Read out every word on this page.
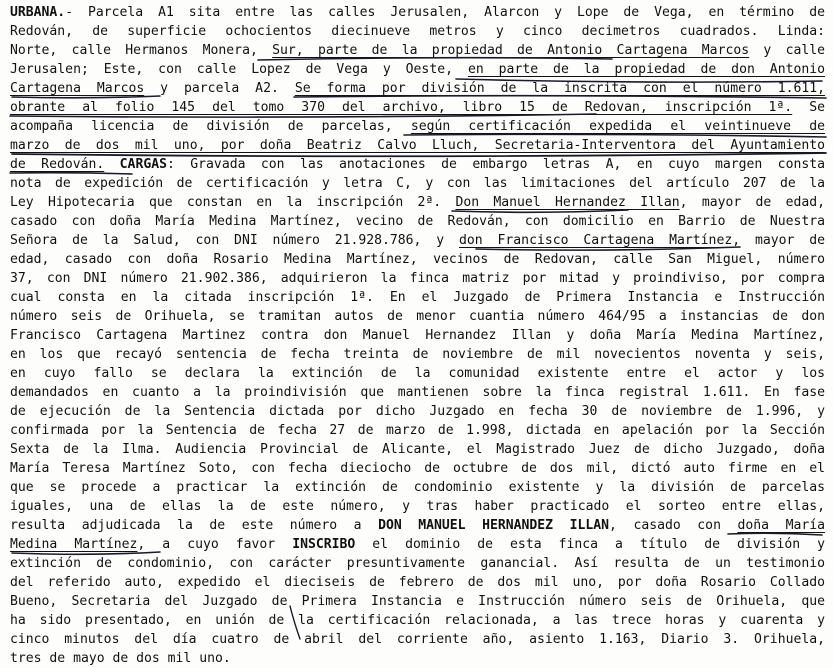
URBANA.- Parcela A1 sita entre las calles Jerusalen, Alarcon y Lope de Vega, en término de
Redován, de superficie ochocientos diecinueve metros y cinco decimetros cuadrados. Linda:
Norte, calle Hermanos Monera, Sur, parte de la propiedad de Antonio Cartagena Marcos y calle
Jerusalen; Este, con calle Lopez de Vega y Oeste, en parte de la propiedad de don Antonio
Cartagena Marcos y parcela A2. Se forma por división de la inscrita con el número 1.611,
obrante al folio 145 del tomo 370 del archivo, libro 15 de Redovan, inscripción 1ª. Se
acompaña licencia de división de parcelas, según certificación expedida el veintinueve de
marzo de dos mil uno, por doña Beatriz Calvo Lluch, Secretaria-Interventora del Ayuntamiento
de Redován. CARGAS: Gravada con las anotaciones de embargo letras A, en cuyo margen consta
nota de expedición de certificación y letra C, y con las limitaciones del artículo 207 de la
Ley Hipotecaria que constan en la inscripción 2ª. Don Manuel Hernandez Illan, mayor de edad,
casado con doña María Medina Martínez, vecino de Redován, con domicilio en Barrio de Nuestra
Señora de la Salud, con DNI número 21.928.786, y don Francisco Cartagena Martínez, mayor de
edad, casado con doña Rosario Medina Martínez, vecinos de Redovan, calle San Miguel, número
37, con DNI número 21.902.386, adquirieron la finca matriz por mitad y proindiviso, por compra
cual consta en la citada inscripción 1ª. En el Juzgado de Primera Instancia e Instrucción
número seis de Orihuela, se tramitan autos de menor cuantia número 464/95 a instancias de don
Francisco Cartagena Martinez contra don Manuel Hernandez Illan y doña María Medina Martínez,
en los que recayó sentencia de fecha treinta de noviembre de mil novecientos noventa y seis,
en cuyo fallo se declara la extinción de la comunidad existente entre el actor y los
demandados en cuanto a la proindivisión que mantienen sobre la finca registral 1.611. En fase
de ejecución de la Sentencia dictada por dicho Juzgado en fecha 30 de noviembre de 1.996, y
confirmada por la Sentencia de fecha 27 de marzo de 1.998, dictada en apelación por la Sección
Sexta de la Ilma. Audiencia Provincial de Alicante, el Magistrado Juez de dicho Juzgado, doña
María Teresa Martínez Soto, con fecha dieciocho de octubre de dos mil, dictó auto firme en el
que se procede a practicar la extinción de condominio existente y la división de parcelas
iguales, una de ellas la de este número, y tras haber practicado el sorteo entre ellas,
resulta adjudicada la de este número a DON MANUEL HERNANDEZ ILLAN, casado con doña María
Medina Martínez, a cuyo favor INSCRIBO el dominio de esta finca a título de división y
extinción de condominio, con carácter presuntivamente ganancial. Así resulta de un testimonio
del referido auto, expedido el dieciseis de febrero de dos mil uno, por doña Rosario Collado
Bueno, Secretaria del Juzgado de Primera Instancia e Instrucción número seis de Orihuela, que
ha sido presentado, en unión de la certificación relacionada, a las trece horas y cuarenta y
cinco minutos del día cuatro de abril del corriente año, asiento 1.163, Diario 3. Orihuela,
tres de mayo de dos mil uno.
